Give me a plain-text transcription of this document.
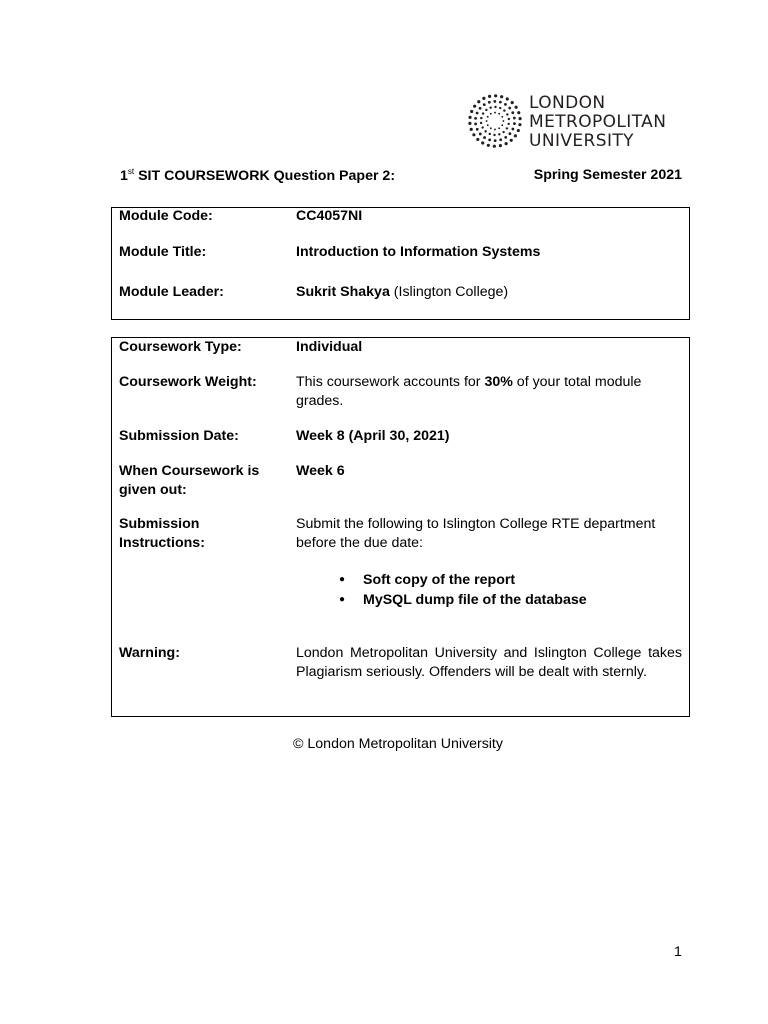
LONDON
METROPOLITAN
UNIVERSITY
1st SIT COURSEWORK Question Paper 2:	Spring Semester 2021
Module Code:	CC4057NI
Module Title:	Introduction to Information Systems
Module Leader:	Sukrit Shakya (Islington College)
Coursework Type:	Individual
Coursework Weight:	This coursework accounts for 30% of your total module grades.
Submission Date:	Week 8 (April 30, 2021)
When Coursework is given out:
Week 6
Submission Instructions:
Submit the following to Islington College RTE department before the due date:
● Soft copy of the report
● MySQL dump file of the database
Warning:	London Metropolitan University and Islington College takes Plagiarism seriously. Offenders will be dealt with sternly.
© London Metropolitan University
1
